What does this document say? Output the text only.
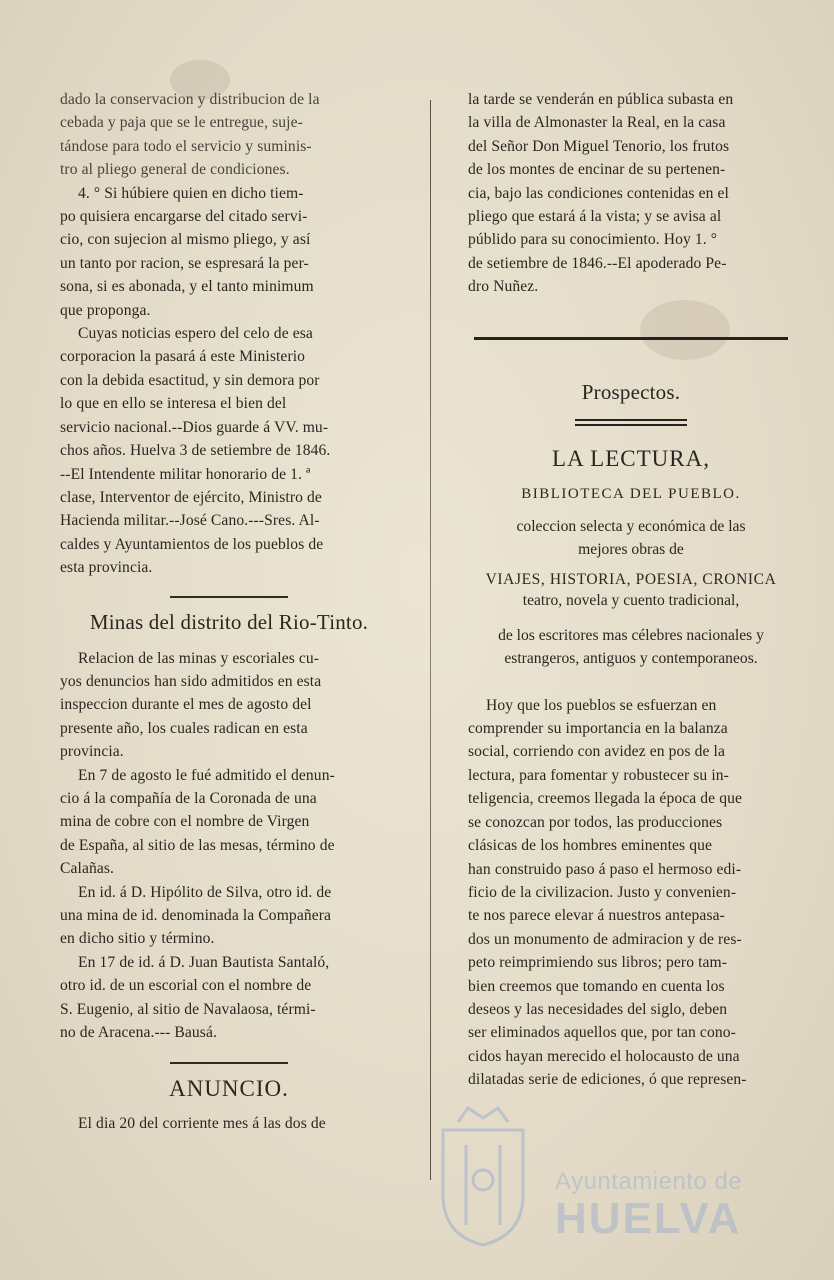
dado la conservacion y distribucion de la

cebada y paja que se le entregue, suje-

tándose para todo el servicio y suminis-

tro al pliego general de condiciones.

4. ° Si húbiere quien en dicho tiem-

po quisiera encargarse del citado servi-

cio, con sujecion al mismo pliego, y así

un tanto por racion, se espresará la per-

sona, si es abonada, y el tanto minimum

que proponga.

Cuyas noticias espero del celo de esa

corporacion la pasará á este Ministerio

con la debida esactitud, y sin demora por

lo que en ello se interesa el bien del

servicio nacional.--Dios guarde á VV. mu-

chos años. Huelva 3 de setiembre de 1846.

--El Intendente militar honorario de 1. ª

clase, Interventor de ejército, Ministro de

Hacienda militar.--José Cano.---Sres. Al-

caldes y Ayuntamientos de los pueblos de

esta provincia.

Minas del distrito del Rio-Tinto.

Relacion de las minas y escoriales cu-

yos denuncios han sido admitidos en esta

inspeccion durante el mes de agosto del

presente año, los cuales radican en esta

provincia.

En 7 de agosto le fué admitido el denun-

cio á la compañía de la Coronada de una

mina de cobre con el nombre de Virgen

de España, al sitio de las mesas, término de

Calañas.

En id. á D. Hipólito de Silva, otro id. de

una mina de id. denominada la Compañera

en dicho sitio y término.

En 17 de id. á D. Juan Bautista Santaló,

otro id. de un escorial con el nombre de

S. Eugenio, al sitio de Navalaosa, térmi-

no de Aracena.--- Bausá.

ANUNCIO.

El dia 20 del corriente mes á las dos de

la tarde se venderán en pública subasta en

la villa de Almonaster la Real, en la casa

del Señor Don Miguel Tenorio, los frutos

de los montes de encinar de su pertenen-

cia, bajo las condiciones contenidas en el

pliego que estará á la vista; y se avisa al

públido para su conocimiento. Hoy 1. °

de setiembre de 1846.--El apoderado Pe-

dro Nuñez.

Prospectos.
LA LECTURA,
BIBLIOTECA DEL PUEBLO.
coleccion selecta y económica de las
mejores obras de
VIAJES, HISTORIA, POESIA, CRONICA
teatro, novela y cuento tradicional,
de los escritores mas célebres nacionales y
estrangeros, antiguos y contemporaneos.

Hoy que los pueblos se esfuerzan en

comprender su importancia en la balanza

social, corriendo con avidez en pos de la

lectura, para fomentar y robustecer su in-

teligencia, creemos llegada la época de que

se conozcan por todos, las producciones

clásicas de los hombres eminentes que

han construido paso á paso el hermoso edi-

ficio de la civilizacion. Justo y convenien-

te nos parece elevar á nuestros antepasa-

dos un monumento de admiracion y de res-

peto reimprimiendo sus libros; pero tam-

bien creemos que tomando en cuenta los

deseos y las necesidades del siglo, deben

ser eliminados aquellos que, por tan cono-

cidos hayan merecido el holocausto de una

dilatadas serie de ediciones, ó que represen-

Ayuntamiento de
HUELVA
